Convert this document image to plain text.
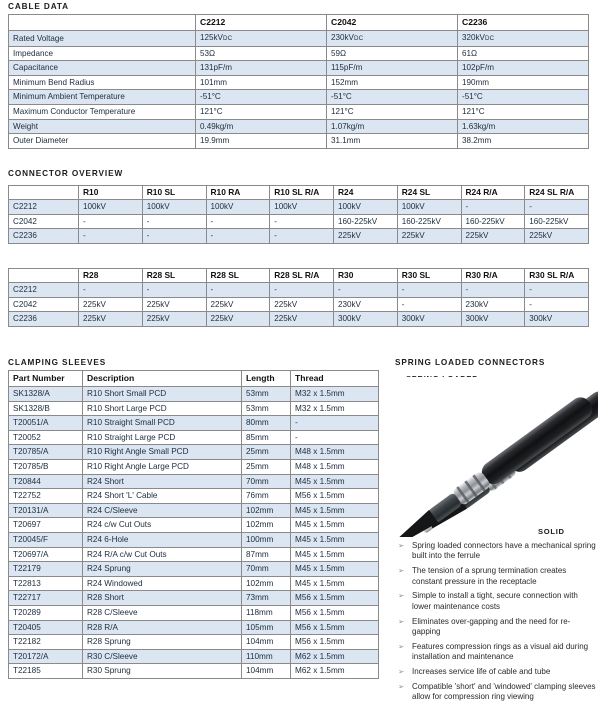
CABLE DATA
	C2212	C2042	C2236
Rated Voltage	125kVDC	230kVDC	320kVDC
Impedance	53Ω	59Ω	61Ω
Capacitance	131pF/m	115pF/m	102pF/m
Minimum Bend Radius	101mm	152mm	190mm
Minimum Ambient Temperature	-51°C	-51°C	-51°C
Maximum Conductor Temperature	121°C	121°C	121°C
Weight	0.49kg/m	1.07kg/m	1.63kg/m
Outer Diameter	19.9mm	31.1mm	38.2mm
CONNECTOR OVERVIEW
	R10	R10 SL	R10 RA	R10 SL R/A	R24	R24 SL	R24 R/A	R24 SL R/A
C2212	100kV	100kV	100kV	100kV	100kV	100kV	-	-
C2042	-	-	-	-	160-225kV	160-225kV	160-225kV	160-225kV
C2236	-	-	-	-	225kV	225kV	225kV	225kV
	R28	R28 SL	R28 SL	R28 SL R/A	R30	R30 SL	R30 R/A	R30 SL R/A
C2212	-	-	-	-	-	-	-	-
C2042	225kV	225kV	225kV	225kV	230kV	-	230kV	-
C2236	225kV	225kV	225kV	225kV	300kV	300kV	300kV	300kV
CLAMPING SLEEVES
Part Number	Description	Length	Thread
SK1328/A	R10 Short Small PCD	53mm	M32 x 1.5mm
SK1328/B	R10 Short Large PCD	53mm	M32 x 1.5mm
T20051/A	R10 Straight Small PCD	80mm	-
T20052	R10 Straight Large PCD	85mm	-
T20785/A	R10 Right Angle Small PCD	25mm	M48 x 1.5mm
T20785/B	R10 Right Angle Large PCD	25mm	M48 x 1.5mm
T20844	R24 Short	70mm	M45 x 1.5mm
T22752	R24 Short 'L' Cable	76mm	M56 x 1.5mm
T20131/A	R24 C/Sleeve	102mm	M45 x 1.5mm
T20697	R24 c/w Cut Outs	102mm	M45 x 1.5mm
T20045/F	R24 6-Hole	100mm	M45 x 1.5mm
T20697/A	R24 R/A c/w Cut Outs	87mm	M45 x 1.5mm
T22179	R24 Sprung	70mm	M45 x 1.5mm
T22813	R24 Windowed	102mm	M45 x 1.5mm
T22717	R28 Short	73mm	M56 x 1.5mm
T20289	R28 C/Sleeve	118mm	M56 x 1.5mm
T20405	R28 R/A	105mm	M56 x 1.5mm
T22182	R28 Sprung	104mm	M56 x 1.5mm
T20172/A	R30 C/Sleeve	110mm	M62 x 1.5mm
T22185	R30 Sprung	104mm	M62 x 1.5mm
SPRING LOADED CONNECTORS
SOLID
➢ Spring loaded connectors have a mechanical spring built into the ferrule
➢ The tension of a sprung termination creates constant pressure in the receptacle
➢ Simple to install a tight, secure connection with lower maintenance costs
➢ Eliminates over-gapping and the need for re-gapping
➢ Features compression rings as a visual aid during installation and maintenance
➢ Increases service life of cable and tube
➢ Compatible 'short' and 'windowed' clamping sleeves allow for compression ring viewing
